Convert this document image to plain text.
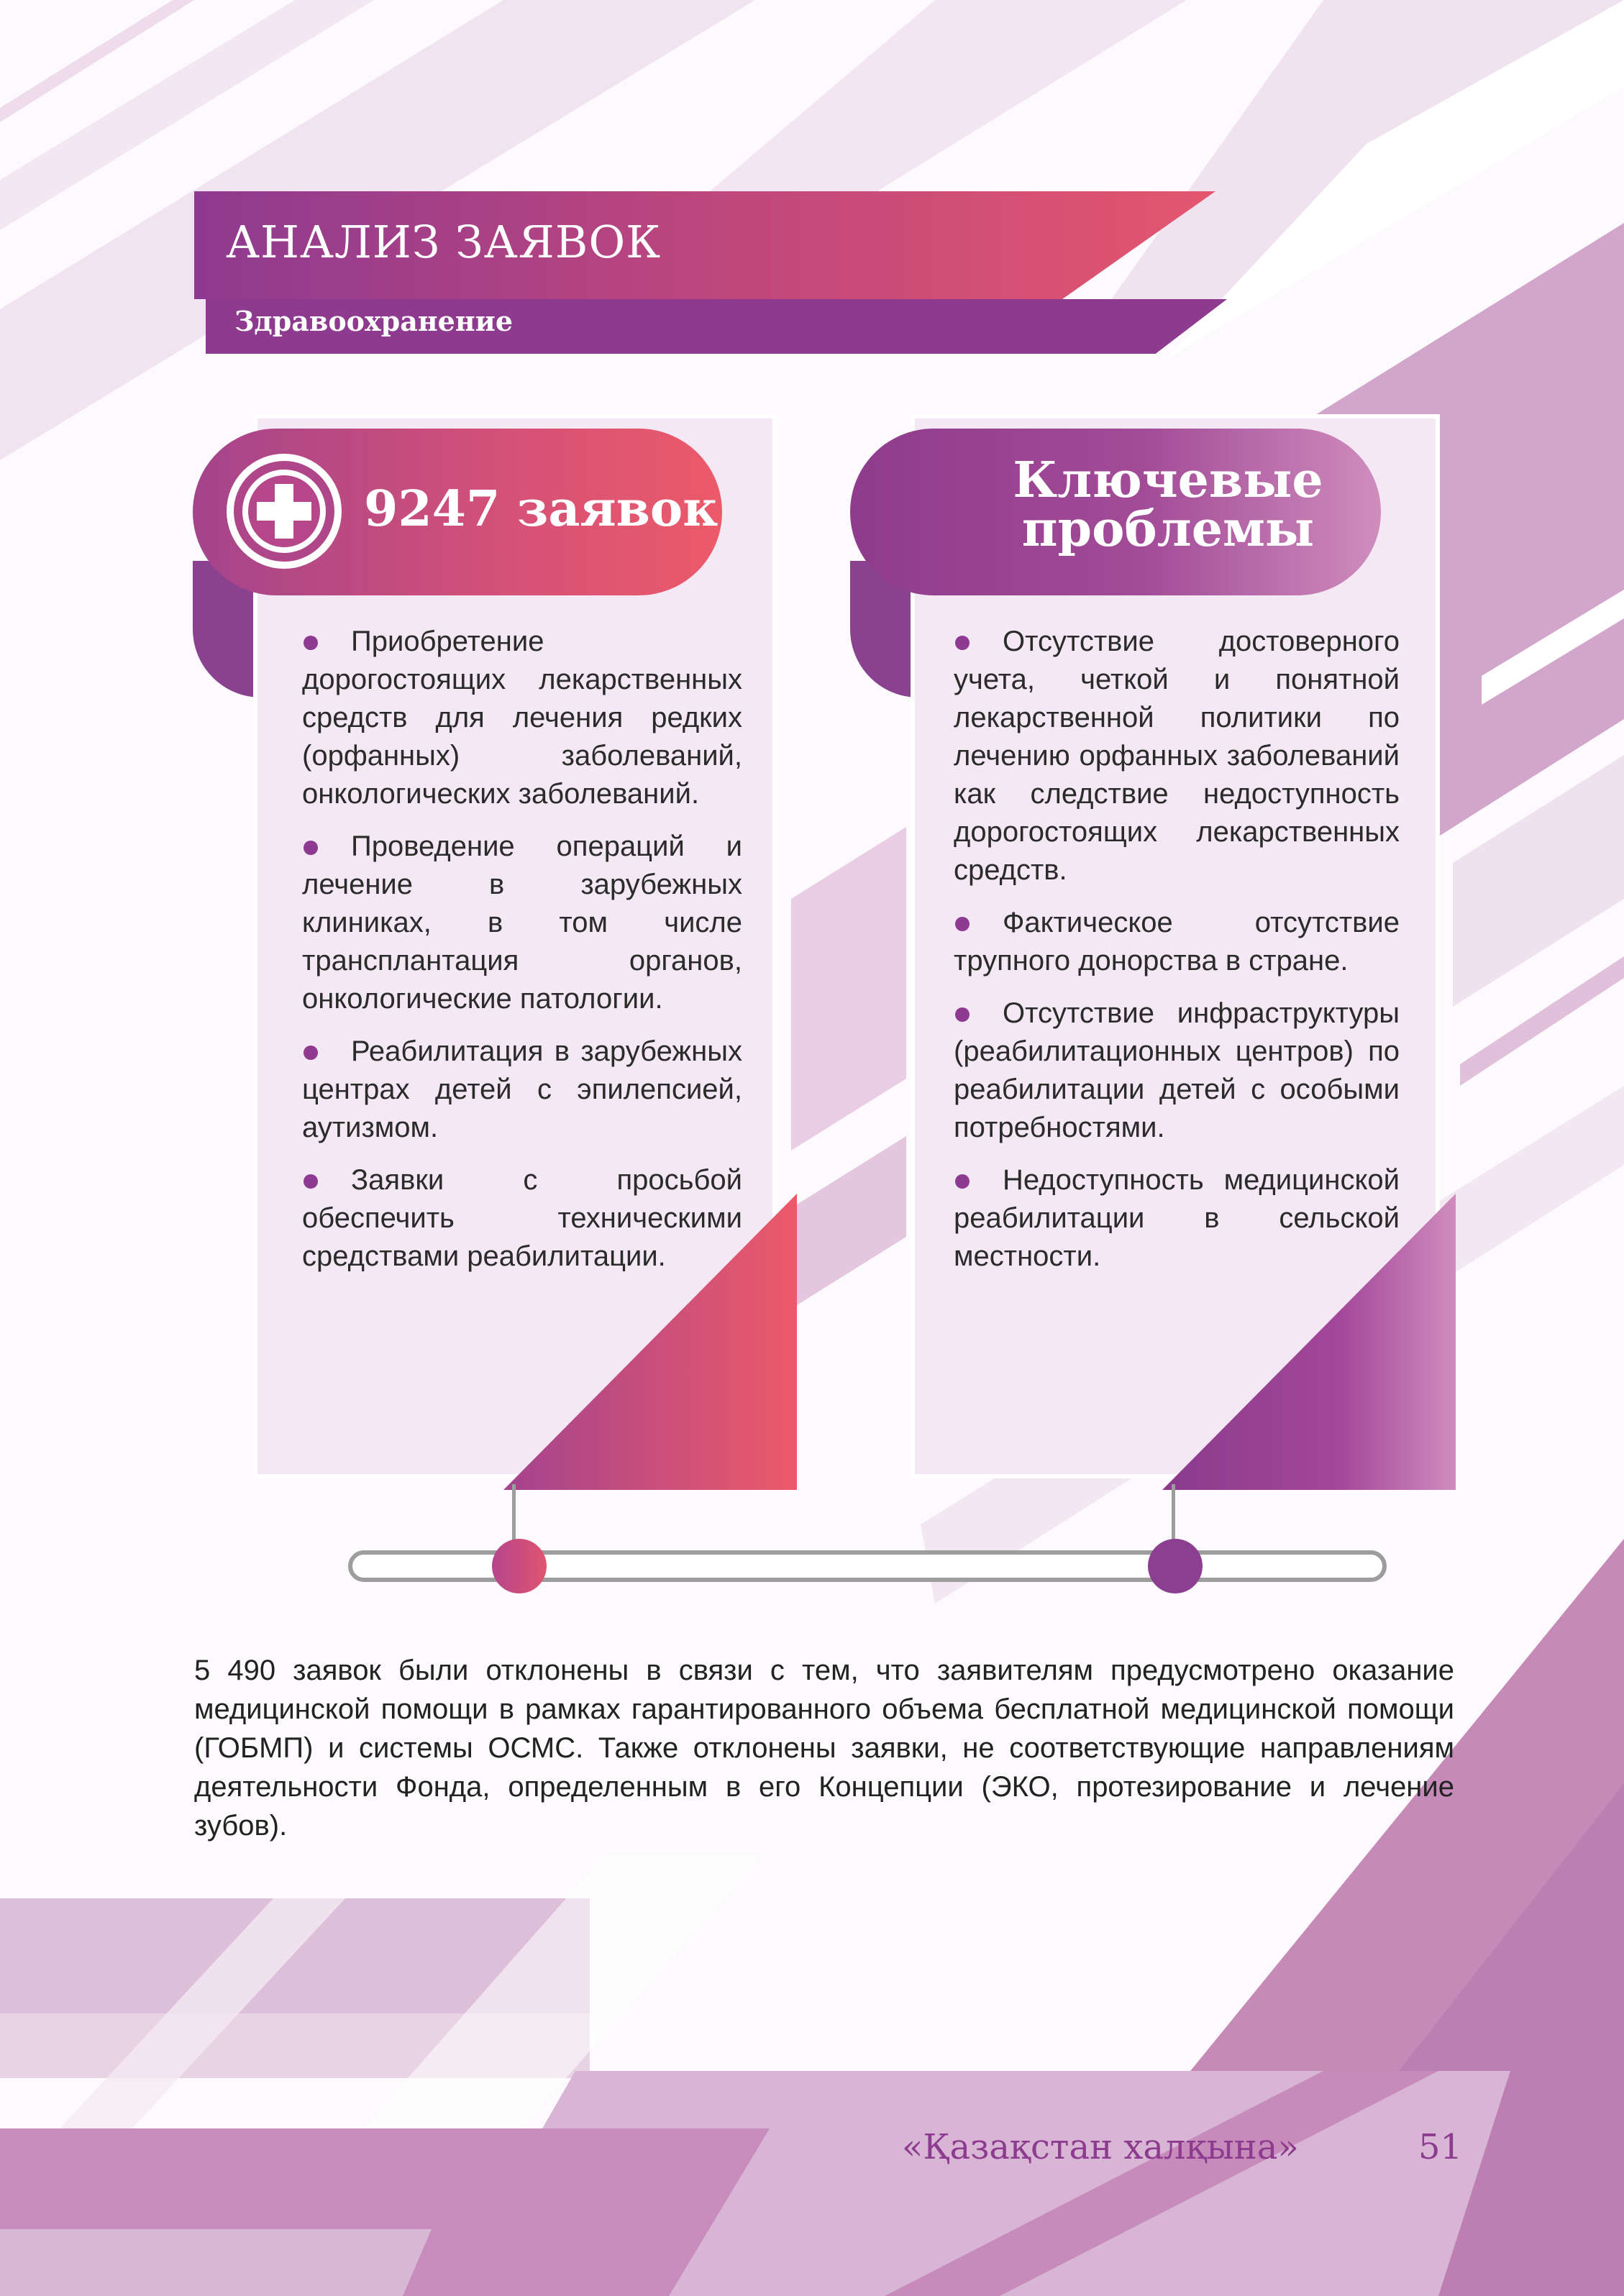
АНАЛИЗ ЗАЯВОК
Здравоохранение
9247 заявок
Приобретение дорогостоящих лекарственных средств для лечения редких (орфанных) заболеваний, онкологических заболеваний.
Проведение операций и лечение в зарубежных клиниках, в том числе трансплантация органов, онкологические патологии.
Реабилитация в зарубежных центрах детей с эпилепсией, аутизмом.
Заявки с просьбой обеспечить техническими средствами реабилитации.
Ключевые проблемы
Отсутствие достоверного учета, четкой и понятной лекарственной политики по лечению орфанных заболеваний как следствие недоступность дорогостоящих лекарственных средств.
Фактическое отсутствие трупного донорства в стране.
Отсутствие инфраструктуры (реабилитационных центров) по реабилитации детей с особыми потребностями.
Недоступность медицинской реабилитации в сельской местности.
5 490 заявок были отклонены в связи с тем, что заявителям предусмотрено оказание медицинской помощи в рамках гарантированного объема бесплатной медицинской помощи (ГОБМП) и системы ОСМС. Также отклонены заявки, не соответствующие направлениям деятельности Фонда, определенным в его Концепции (ЭКО, протезирование и лечение зубов).
«Қазақстан халқына»	51
